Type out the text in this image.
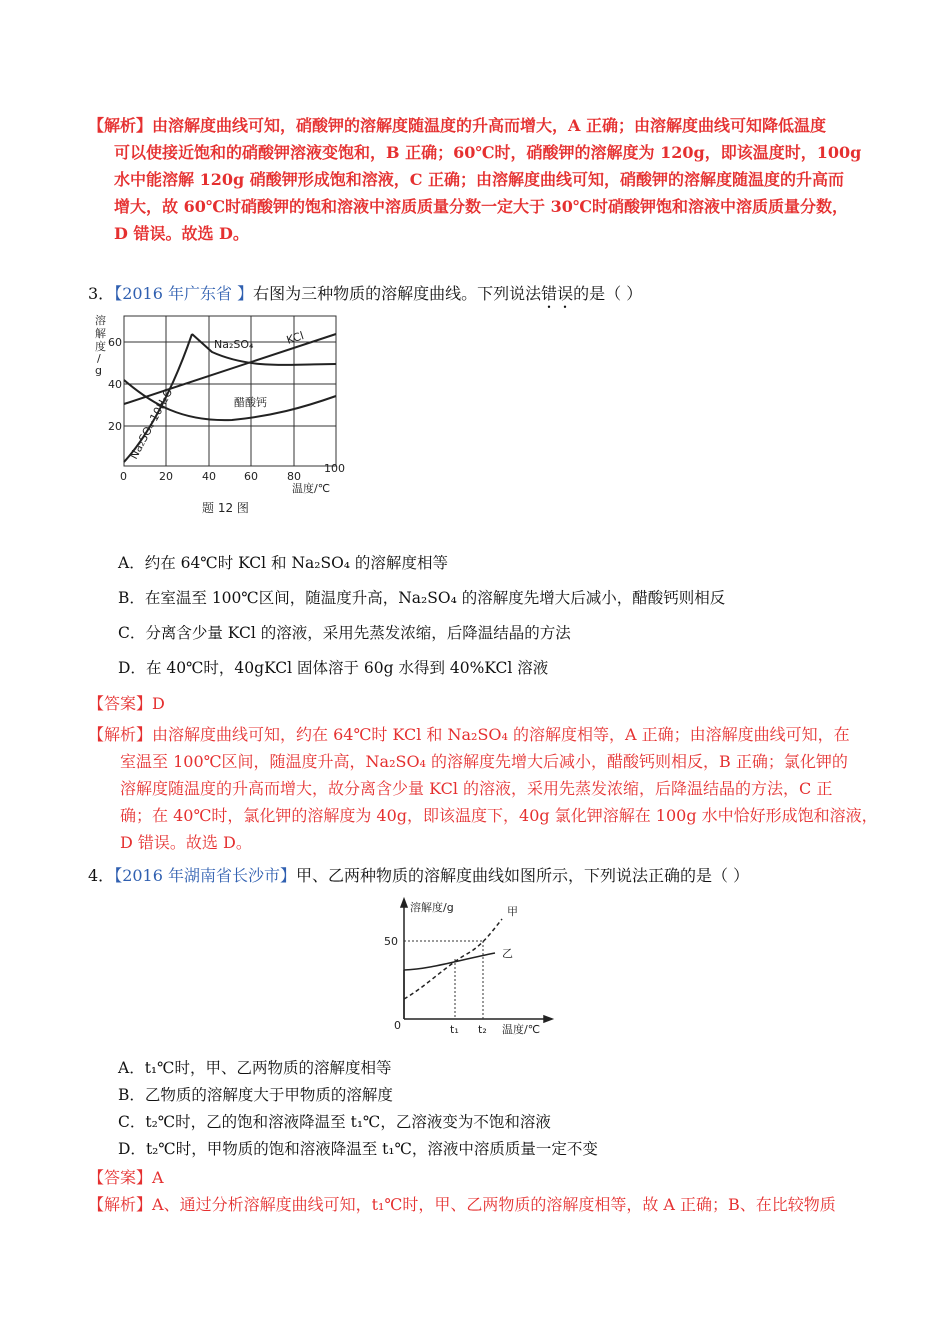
【解析】由溶解度曲线可知，硝酸钾的溶解度随温度的升高而增大，A 正确；由溶解度曲线可知降低温度
可以使接近饱和的硝酸钾溶液变饱和，B 正确；60℃时，硝酸钾的溶解度为 120g，即该温度时，100g
水中能溶解 120g 硝酸钾形成饱和溶液，C 正确；由溶解度曲线可知，硝酸钾的溶解度随温度的升高而
增大，故 60℃时硝酸钾的饱和溶液中溶质质量分数一定大于 30℃时硝酸钾饱和溶液中溶质质量分数，
D 错误。故选 D。
3．【2016 年广东省 】右图为三种物质的溶解度曲线。下列说法错误的是（ ）
溶
解
度
/
g
Na₂SO₄	KCl
醋酸钙
Na₂SO₄·10H₂O
60
40
20
0	20	40	60	80
100
温度/℃
题 12 图
A．约在 64℃时 KCl 和 Na₂SO₄ 的溶解度相等
B．在室温至 100℃区间，随温度升高，Na₂SO₄ 的溶解度先增大后减小，醋酸钙则相反
C．分离含少量 KCl 的溶液，采用先蒸发浓缩，后降温结晶的方法
D．在 40℃时，40gKCl 固体溶于 60g 水得到 40%KCl 溶液
【答案】D
【解析】由溶解度曲线可知，约在 64℃时 KCl 和 Na₂SO₄ 的溶解度相等，A 正确；由溶解度曲线可知，在
室温至 100℃区间，随温度升高，Na₂SO₄ 的溶解度先增大后减小，醋酸钙则相反，B 正确；氯化钾的
溶解度随温度的升高而增大，故分离含少量 KCl 的溶液，采用先蒸发浓缩，后降温结晶的方法，C 正
确；在 40℃时，氯化钾的溶解度为 40g，即该温度下，40g 氯化钾溶解在 100g 水中恰好形成饱和溶液，
D 错误。故选 D。
4．【2016 年湖南省长沙市】甲、乙两种物质的溶解度曲线如图所示，下列说法正确的是（ ）
溶解度/g
50
0	t₁ t₂ 温度/℃
甲
乙
A．t₁℃时，甲、乙两物质的溶解度相等
B．乙物质的溶解度大于甲物质的溶解度
C．t₂℃时，乙的饱和溶液降温至 t₁℃，乙溶液变为不饱和溶液
D．t₂℃时，甲物质的饱和溶液降温至 t₁℃，溶液中溶质质量一定不变
【答案】A
【解析】A、通过分析溶解度曲线可知，t₁℃时，甲、乙两物质的溶解度相等，故 A 正确；B、在比较物质
